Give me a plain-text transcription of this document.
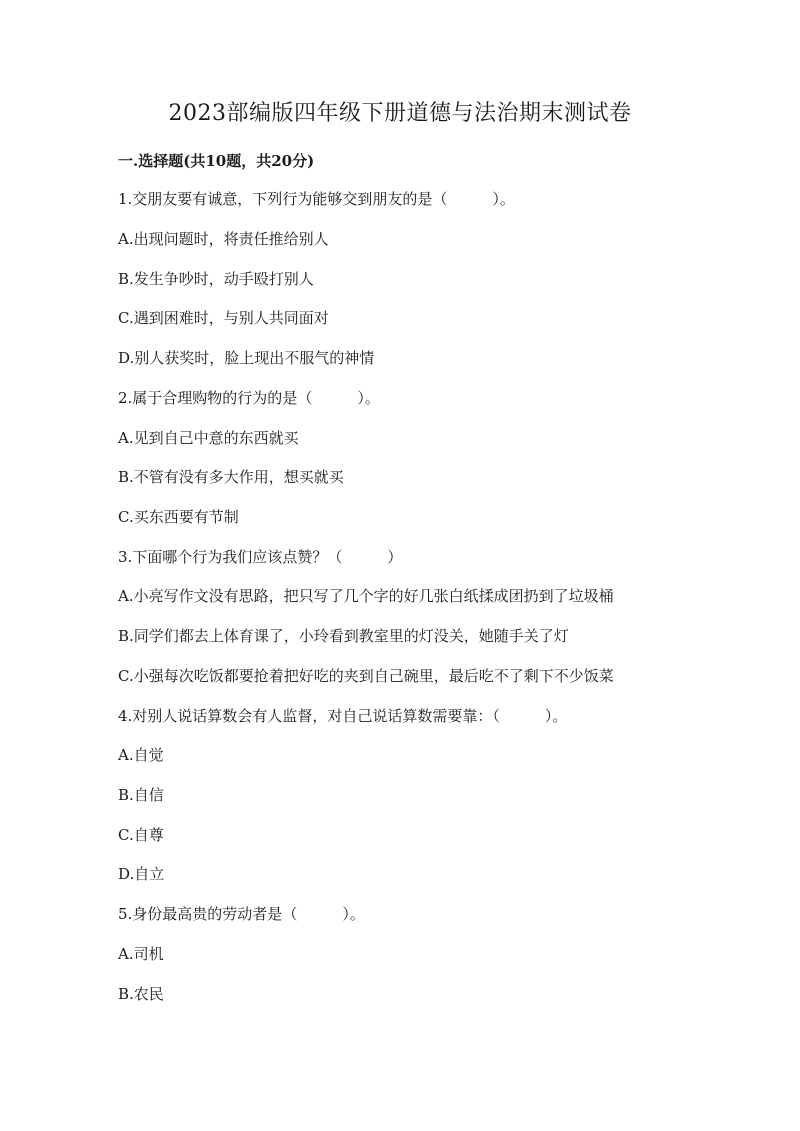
2023部编版四年级下册道德与法治期末测试卷
一.选择题(共10题，共20分)
1.交朋友要有诚意，下列行为能够交到朋友的是（　　　）。
A.出现问题时，将责任推给别人
B.发生争吵时，动手殴打别人
C.遇到困难时，与别人共同面对
D.别人获奖时，脸上现出不服气的神情
2.属于合理购物的行为的是（　　　）。
A.见到自己中意的东西就买
B.不管有没有多大作用，想买就买
C.买东西要有节制
3.下面哪个行为我们应该点赞？（　　　）
A.小亮写作文没有思路，把只写了几个字的好几张白纸揉成团扔到了垃圾桶
B.同学们都去上体育课了，小玲看到教室里的灯没关，她随手关了灯
C.小强每次吃饭都要抢着把好吃的夹到自己碗里，最后吃不了剩下不少饭菜
4.对别人说话算数会有人监督，对自己说话算数需要靠：（　　　）。
A.自觉
B.自信
C.自尊
D.自立
5.身份最高贵的劳动者是（　　　）。
A.司机
B.农民
